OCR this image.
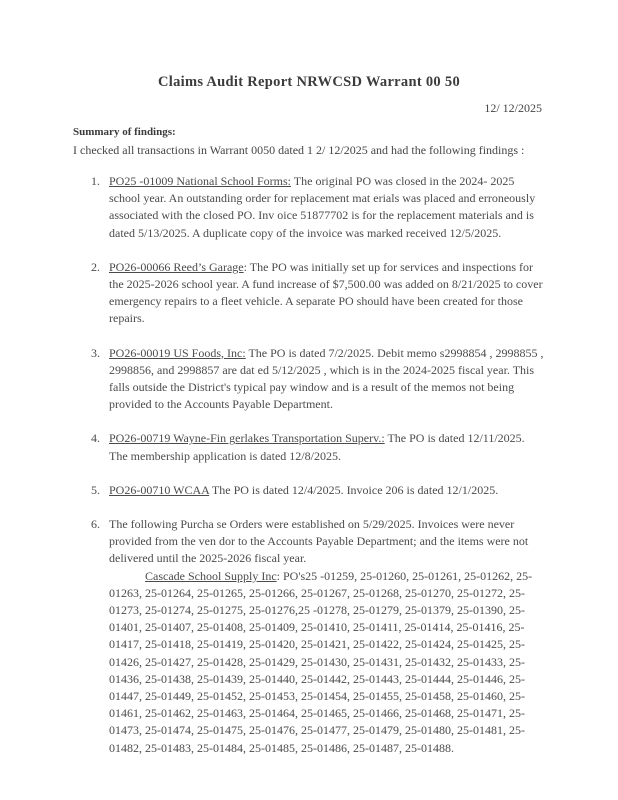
Claims Audit Report NRWCSD Warrant 00 50
12/ 12/2025
Summary of findings:
I checked all transactions in Warrant 0050 dated 1 2/ 12/2025 and had the following findings :
1. PO25 -01009 National School Forms: The original PO was closed in the 2024- 2025 school year. An outstanding order for replacement mat erials was placed and erroneously associated with the closed PO. Inv oice 51877702 is for the replacement materials and is dated 5/13/2025. A duplicate copy of the invoice was marked received 12/5/2025.
2. PO26-00066 Reed’s Garage: The PO was initially set up for services and inspections for the 2025-2026 school year. A fund increase of $7,500.00 was added on 8/21/2025 to cover emergency repairs to a fleet vehicle. A separate PO should have been created for those repairs.
3. PO26-00019 US Foods, Inc: The PO is dated 7/2/2025. Debit memo s2998854 , 2998855 , 2998856, and 2998857 are dat ed 5/12/2025 , which is in the 2024-2025 fiscal year. This falls outside the District's typical pay window and is a result of the memos not being provided to the Accounts Payable Department.
4. PO26-00719 Wayne-Fin gerlakes Transportation Superv.: The PO is dated 12/11/2025. The membership application is dated 12/8/2025.
5. PO26-00710 WCAA The PO is dated 12/4/2025. Invoice 206 is dated 12/1/2025.
6. The following Purcha se Orders were established on 5/29/2025. Invoices were never provided from the ven dor to the Accounts Payable Department; and the items were not delivered until the 2025-2026 fiscal year.
Cascade School Supply Inc: PO's25 -01259, 25-01260, 25-01261, 25-01262, 25-01263, 25-01264, 25-01265, 25-01266, 25-01267, 25-01268, 25-01270, 25-01272, 25-01273, 25-01274, 25-01275, 25-01276,25 -01278, 25-01279, 25-01379, 25-01390, 25-01401, 25-01407, 25-01408, 25-01409, 25-01410, 25-01411, 25-01414, 25-01416, 25-01417, 25-01418, 25-01419, 25-01420, 25-01421, 25-01422, 25-01424, 25-01425, 25-01426, 25-01427, 25-01428, 25-01429, 25-01430, 25-01431, 25-01432, 25-01433, 25-01436, 25-01438, 25-01439, 25-01440, 25-01442, 25-01443, 25-01444, 25-01446, 25-01447, 25-01449, 25-01452, 25-01453, 25-01454, 25-01455, 25-01458, 25-01460, 25-01461, 25-01462, 25-01463, 25-01464, 25-01465, 25-01466, 25-01468, 25-01471, 25-01473, 25-01474, 25-01475, 25-01476, 25-01477, 25-01479, 25-01480, 25-01481, 25-01482, 25-01483, 25-01484, 25-01485, 25-01486, 25-01487, 25-01488.
